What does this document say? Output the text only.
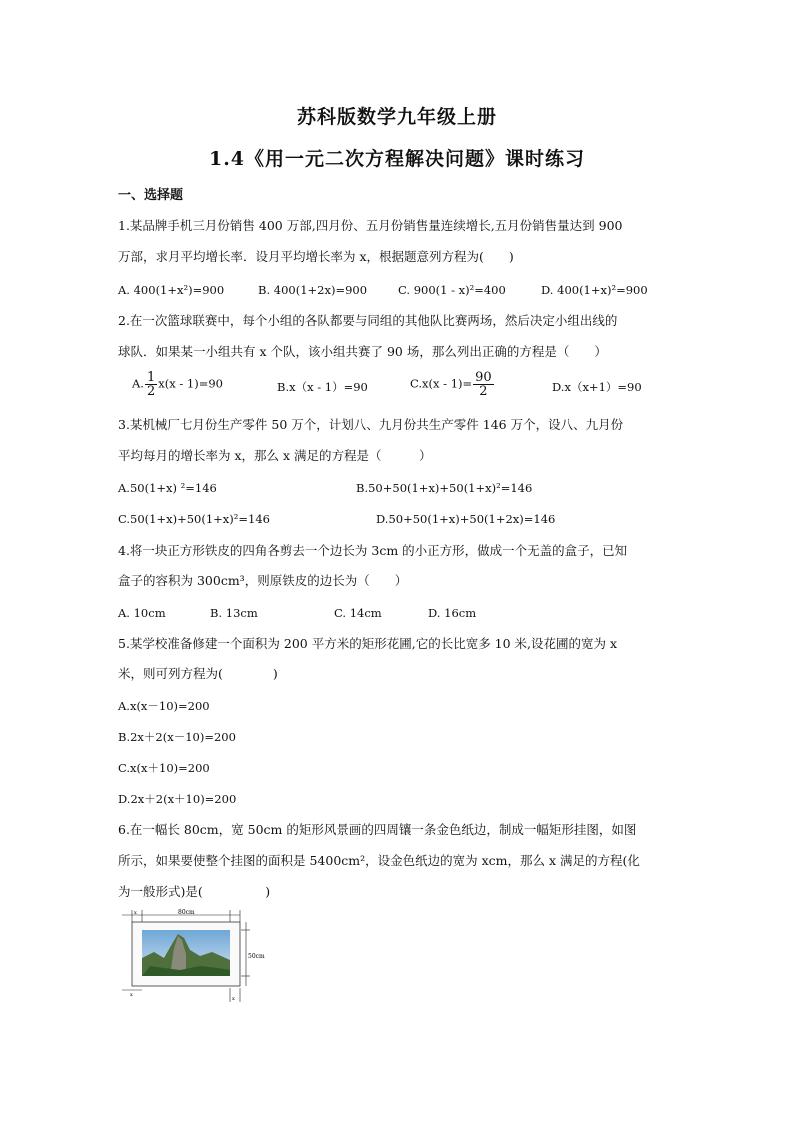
苏科版数学九年级上册
1.4《用一元二次方程解决问题》课时练习
一、选择题
1.某品牌手机三月份销售 400 万部,四月份、五月份销售量连续增长,五月份销售量达到 900
万部，求月平均增长率．设月平均增长率为 x，根据题意列方程为(　　)
A. 400(1+x²)=900	B. 400(1+2x)=900	C. 900(1 - x)²=400	D. 400(1+x)²=900
2.在一次篮球联赛中，每个小组的各队都要与同组的其他队比赛两场，然后决定小组出线的
球队．如果某一小组共有 x 个队，该小组共赛了 90 场，那么列出正确的方程是（　　）
A. $\frac{1}{2} x(x - 1)=90$	B.x（x - 1）=90	$C.x(x - 1)= \frac{90}{2}$	D.x（x+1）=90
3.某机械厂七月份生产零件 50 万个，计划八、九月份共生产零件 146 万个，设八、九月份
平均每月的增长率为 x，那么 x 满足的方程是（　　　）
A.50(1+x) ²=146	B.50+50(1+x)+50(1+x)²=146
C.50(1+x)+50(1+x)²=146	D.50+50(1+x)+50(1+2x)=146
4.将一块正方形铁皮的四角各剪去一个边长为 3cm 的小正方形，做成一个无盖的盒子，已知
盒子的容积为 300cm³，则原铁皮的边长为（　　）
A. 10cm	B. 13cm	C. 14cm	D. 16cm
5.某学校准备修建一个面积为 200 平方米的矩形花圃,它的长比宽多 10 米,设花圃的宽为 x
米，则可列方程为(　　　　)
A.x(x－10)=200
B.2x＋2(x－10)=200
C.x(x＋10)=200
D.2x＋2(x＋10)=200
6.在一幅长 80cm，宽 50cm 的矩形风景画的四周镶一条金色纸边，制成一幅矩形挂图，如图
所示，如果要使整个挂图的面积是 5400cm²，设金色纸边的宽为 xcm，那么 x 满足的方程(化
为一般形式)是(　　　　　)
x	80cm
50cm
x
x
